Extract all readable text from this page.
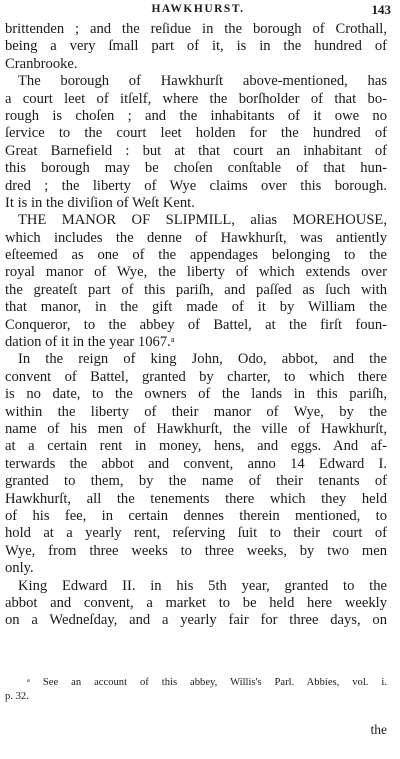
HAWKHURST.	143
brittenden ; and the reſidue in the borough of Crothall,
being a very ſmall part of it, is in the hundred of
Cranbrooke.
The borough of Hawkhurſt above-mentioned, has
a court leet of itſelf, where the borſholder of that bo-
rough is choſen ; and the inhabitants of it owe no
ſervice to the court leet holden for the hundred of
Great Barnefield : but at that court an inhabitant of
this borough may be choſen conſtable of that hun-
dred ; the liberty of Wye claims over this borough.
It is in the diviſion of Weſt Kent.
THE MANOR OF SLIPMILL, alias MOREHOUSE,
which includes the denne of Hawkhurſt, was antiently
eſteemed as one of the appendages belonging to the
royal manor of Wye, the liberty of which extends over
the greateſt part of this pariſh, and paſſed as ſuch with
that manor, in the gift made of it by William the
Conqueror, to the abbey of Battel, at the firſt foun-
dation of it in the year 1067.ᵃ
In the reign of king John, Odo, abbot, and the
convent of Battel, granted by charter, to which there
is no date, to the owners of the lands in this pariſh,
within the liberty of their manor of Wye, by the
name of his men of Hawkhurſt, the ville of Hawkhurſt,
at a certain rent in money, hens, and eggs. And af-
terwards the abbot and convent, anno 14 Edward I.
granted to them, by the name of their tenants of
Hawkhurſt, all the tenements there which they held
of his fee, in certain dennes therein mentioned, to
hold at a yearly rent, reſerving ſuit to their court of
Wye, from three weeks to three weeks, by two men
only.
King Edward II. in his 5th year, granted to the
abbot and convent, a market to be held here weekly
on a Wedneſday, and a yearly fair for three days, on
ᵃ See an account of this abbey, Willis's Parl. Abbies, vol. i.
p. 32.
the
